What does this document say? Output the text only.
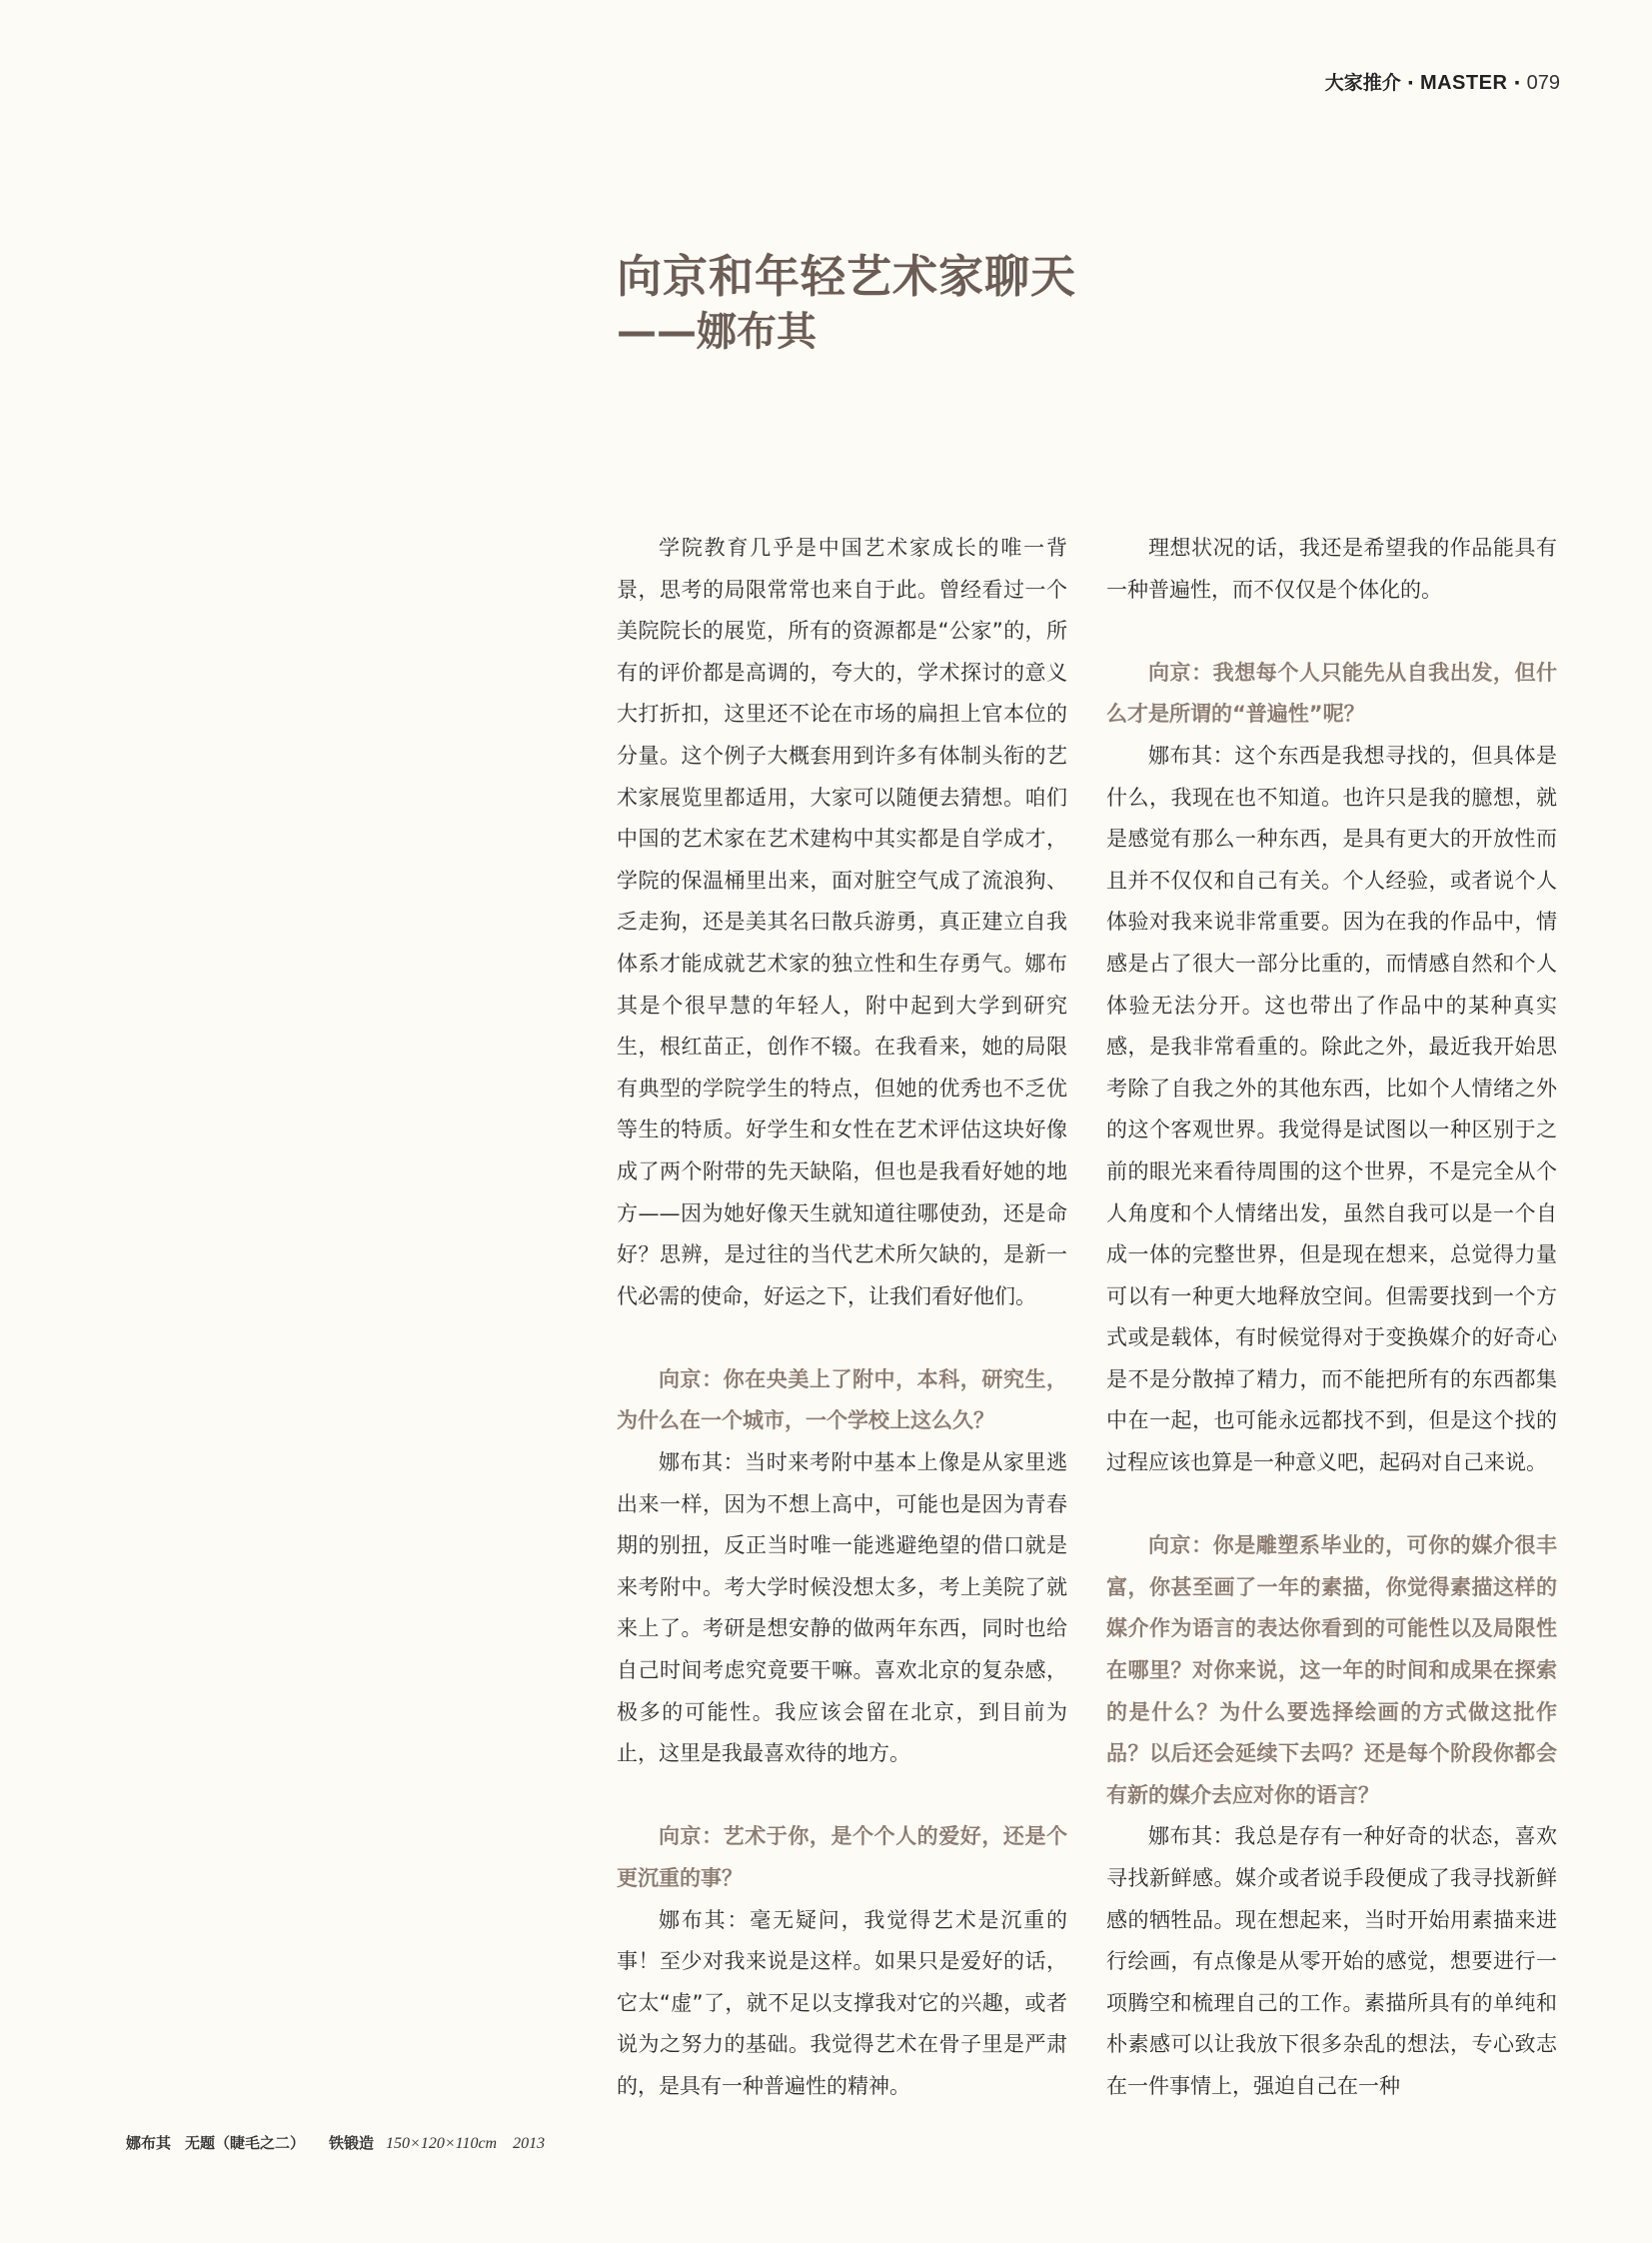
大家推介 · MASTER · 079
向京和年轻艺术家聊天
——娜布其

学院教育几乎是中国艺术家成长的唯一背景，思考的局限常常也来自于此。曾经看过一个美院院长的展览，所有的资源都是“公家”的，所有的评价都是高调的，夸大的，学术探讨的意义大打折扣，这里还不论在市场的扁担上官本位的分量。这个例子大概套用到许多有体制头衔的艺术家展览里都适用，大家可以随便去猜想。咱们中国的艺术家在艺术建构中其实都是自学成才，学院的保温桶里出来，面对脏空气成了流浪狗、乏走狗，还是美其名曰散兵游勇，真正建立自我体系才能成就艺术家的独立性和生存勇气。娜布其是个很早慧的年轻人，附中起到大学到研究生，根红苗正，创作不辍。在我看来，她的局限有典型的学院学生的特点，但她的优秀也不乏优等生的特质。好学生和女性在艺术评估这块好像成了两个附带的先天缺陷，但也是我看好她的地方——因为她好像天生就知道往哪使劲，还是命好？思辨，是过往的当代艺术所欠缺的，是新一代必需的使命，好运之下，让我们看好他们。

向京：你在央美上了附中，本科，研究生，为什么在一个城市，一个学校上这么久？

娜布其：当时来考附中基本上像是从家里逃出来一样，因为不想上高中，可能也是因为青春期的别扭，反正当时唯一能逃避绝望的借口就是来考附中。考大学时候没想太多，考上美院了就来上了。考研是想安静的做两年东西，同时也给自己时间考虑究竟要干嘛。喜欢北京的复杂感，极多的可能性。我应该会留在北京，到目前为止，这里是我最喜欢待的地方。

向京：艺术于你，是个个人的爱好，还是个更沉重的事？

娜布其：毫无疑问，我觉得艺术是沉重的事！至少对我来说是这样。如果只是爱好的话，它太“虚”了，就不足以支撑我对它的兴趣，或者说为之努力的基础。我觉得艺术在骨子里是严肃的，是具有一种普遍性的精神。

理想状况的话，我还是希望我的作品能具有一种普遍性，而不仅仅是个体化的。

向京：我想每个人只能先从自我出发，但什么才是所谓的“普遍性”呢？

娜布其：这个东西是我想寻找的，但具体是什么，我现在也不知道。也许只是我的臆想，就是感觉有那么一种东西，是具有更大的开放性而且并不仅仅和自己有关。个人经验，或者说个人体验对我来说非常重要。因为在我的作品中，情感是占了很大一部分比重的，而情感自然和个人体验无法分开。这也带出了作品中的某种真实感，是我非常看重的。除此之外，最近我开始思考除了自我之外的其他东西，比如个人情绪之外的这个客观世界。我觉得是试图以一种区别于之前的眼光来看待周围的这个世界，不是完全从个人角度和个人情绪出发，虽然自我可以是一个自成一体的完整世界，但是现在想来，总觉得力量可以有一种更大地释放空间。但需要找到一个方式或是载体，有时候觉得对于变换媒介的好奇心是不是分散掉了精力，而不能把所有的东西都集中在一起，也可能永远都找不到，但是这个找的过程应该也算是一种意义吧，起码对自己来说。

向京：你是雕塑系毕业的，可你的媒介很丰富，你甚至画了一年的素描，你觉得素描这样的媒介作为语言的表达你看到的可能性以及局限性在哪里？对你来说，这一年的时间和成果在探索的是什么？为什么要选择绘画的方式做这批作品？以后还会延续下去吗？还是每个阶段你都会有新的媒介去应对你的语言？

娜布其：我总是存有一种好奇的状态，喜欢寻找新鲜感。媒介或者说手段便成了我寻找新鲜感的牺牲品。现在想起来，当时开始用素描来进行绘画，有点像是从零开始的感觉，想要进行一项腾空和梳理自己的工作。素描所具有的单纯和朴素感可以让我放下很多杂乱的想法，专心致志在一件事情上，强迫自己在一种

娜布其 无题（睫毛之二） 铁锻造 150×120×110cm 2013
